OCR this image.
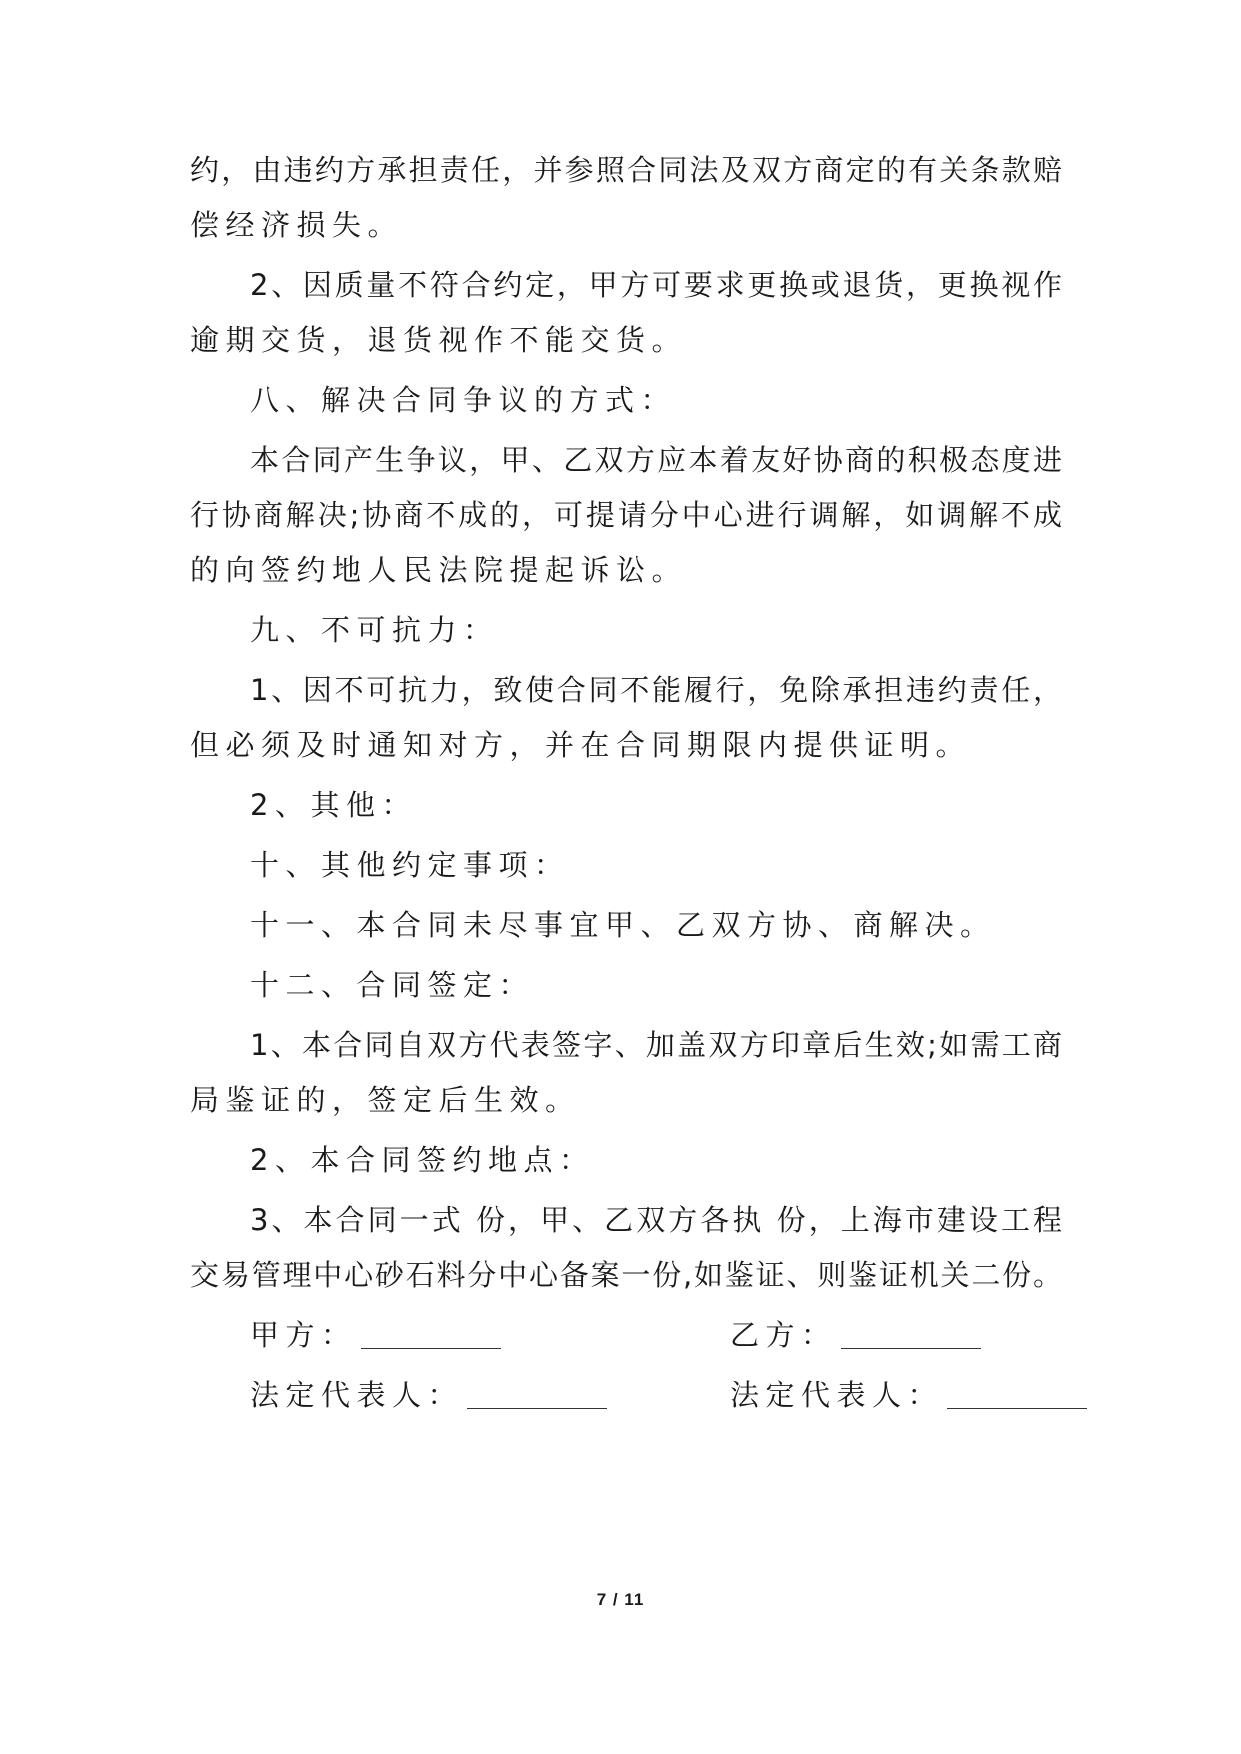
约，由违约方承担责任，并参照合同法及双方商定的有关条款赔
偿经济损失。
2、因质量不符合约定，甲方可要求更换或退货，更换视作
逾期交货，退货视作不能交货。
八、解决合同争议的方式：
本合同产生争议，甲、乙双方应本着友好协商的积极态度进
行协商解决;协商不成的，可提请分中心进行调解，如调解不成
的向签约地人民法院提起诉讼。
九、不可抗力：
1、因不可抗力，致使合同不能履行，免除承担违约责任，
但必须及时通知对方，并在合同期限内提供证明。
2、其他：
十、其他约定事项：
十一、本合同未尽事宜甲、乙双方协、商解决。
十二、合同签定：
1、本合同自双方代表签字、加盖双方印章后生效;如需工商
局鉴证的，签定后生效。
2、本合同签约地点：
3、本合同一式 份，甲、乙双方各执 份，上海市建设工程
交易管理中心砂石料分中心备案一份,如鉴证、则鉴证机关二份。
甲方：	乙方：
法定代表人：	法定代表人：
7 / 11
